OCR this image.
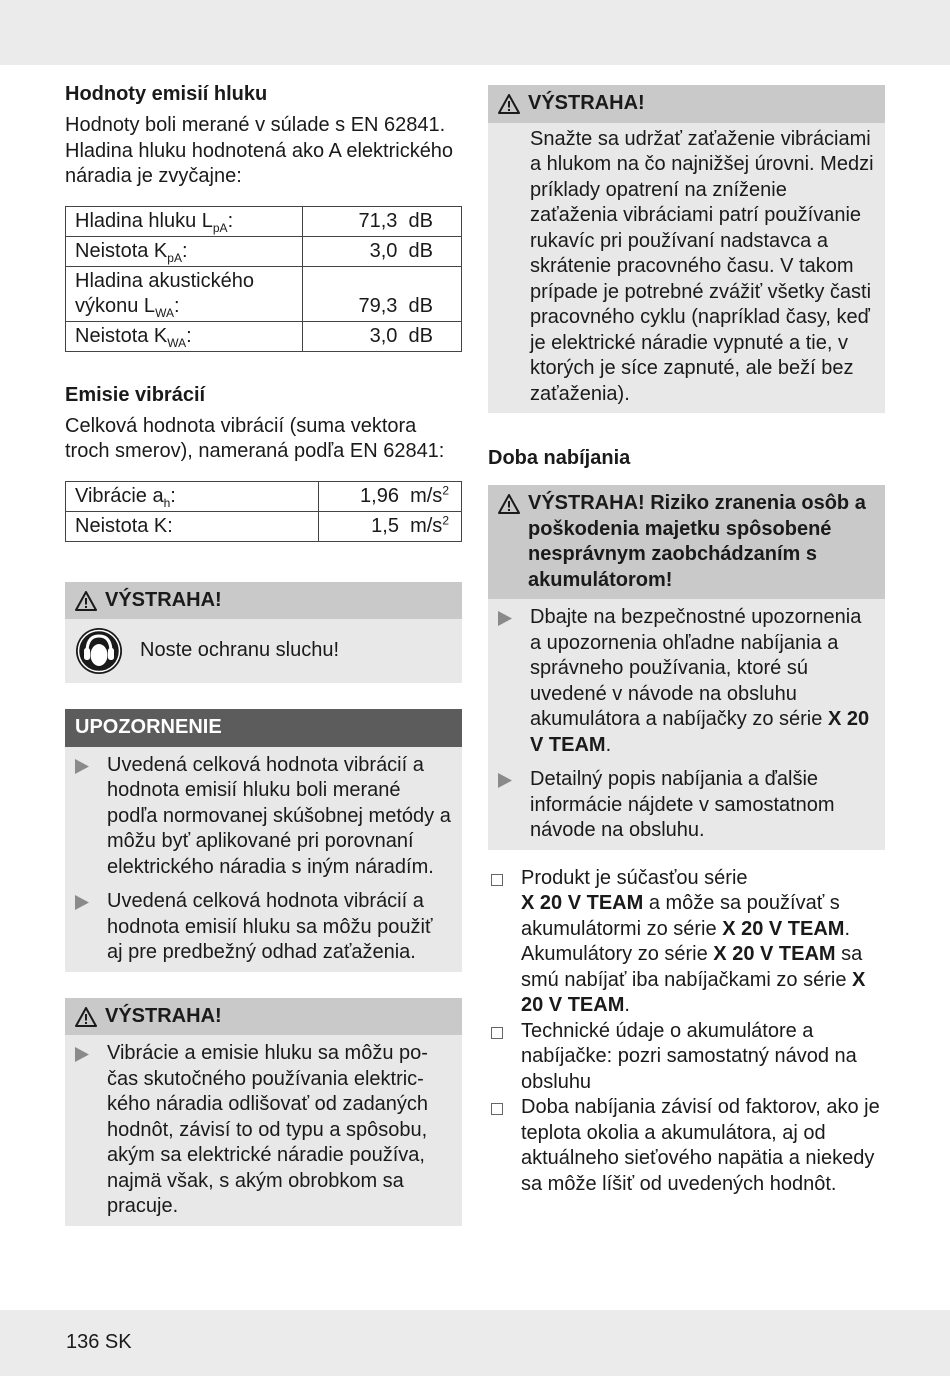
Hodnoty emisií hluku

Hodnoty boli merané v súlade s EN 62841. Hladina hluku hodnotená ako A elektrického náradia je zvyčajne:

Hladina hluku $L_{pA}$:	71,3 dB
Neistota $K_{pA}$:	3,0 dB
Hladina akustického
výkonu $L_{WA}$:	79,3 dB
Neistota $K_{WA}$:	3,0 dB
Emisie vibrácií

Celková hodnota vibrácií (suma vektora troch smerov), nameraná podľa EN 62841:

Vibrácie $a_h$:	1,96 $m/s^2$
Neistota K:	1,5 $m/s^2$
VÝSTRAHA!
Noste ochranu sluchu!
UPOZORNENIE
Uvedená celková hodnota vibrácií a hodnota emisií hluku boli merané podľa normovanej skúšobnej metódy a môžu byť aplikované pri porovnaní elektrického náradia s iným náradím.
Uvedená celková hodnota vibrácií a hodnota emisií hluku sa môžu použiť aj pre predbežný odhad zaťaženia.
VÝSTRAHA!
Vibrácie a emisie hluku sa môžu po-čas skutočného používania elektric-kého náradia odlišovať od zadaných hodnôt, závisí to od typu a spôsobu, akým sa elektrické náradie používa, najmä však, s akým obrobkom sa pracuje.
VÝSTRAHA!

Snažte sa udržať zaťaženie vibráciami a hlukom na čo najnižšej úrovni. Medzi príklady opatrení na zníženie zaťaženia vibráciami patrí používanie rukavíc pri používaní nadstavca a skrátenie pracovného času. V takom prípade je potrebné zvážiť všetky časti pracovného cyklu (napríklad časy, keď je elektrické náradie vypnuté a tie, v ktorých je síce zapnuté, ale beží bez zaťaženia).

Doba nabíjania
VÝSTRAHA! Riziko zranenia osôb a poškodenia majetku spôsobené nesprávnym zaobchádzaním s akumulátorom!
Dbajte na bezpečnostné upozornenia a upozornenia ohľadne nabíjania a správneho používania, ktoré sú uvedené v návode na obsluhu akumulátora a nabíjačky zo série X 20 V TEAM.
Detailný popis nabíjania a ďalšie informácie nájdete v samostatnom návode na obsluhu.
Produkt je súčasťou série
X 20 V TEAM a môže sa používať s akumulátormi zo série X 20 V TEAM. Akumulátory zo série X 20 V TEAM sa smú nabíjať iba nabíjačkami zo série X 20 V TEAM.
Technické údaje o akumulátore a nabíjačke: pozri samostatný návod na obsluhu
Doba nabíjania závisí od faktorov, ako je teplota okolia a akumulátora, aj od aktuálneho sieťového napätia a niekedy sa môže líšiť od uvedených hodnôt.
136 SK
